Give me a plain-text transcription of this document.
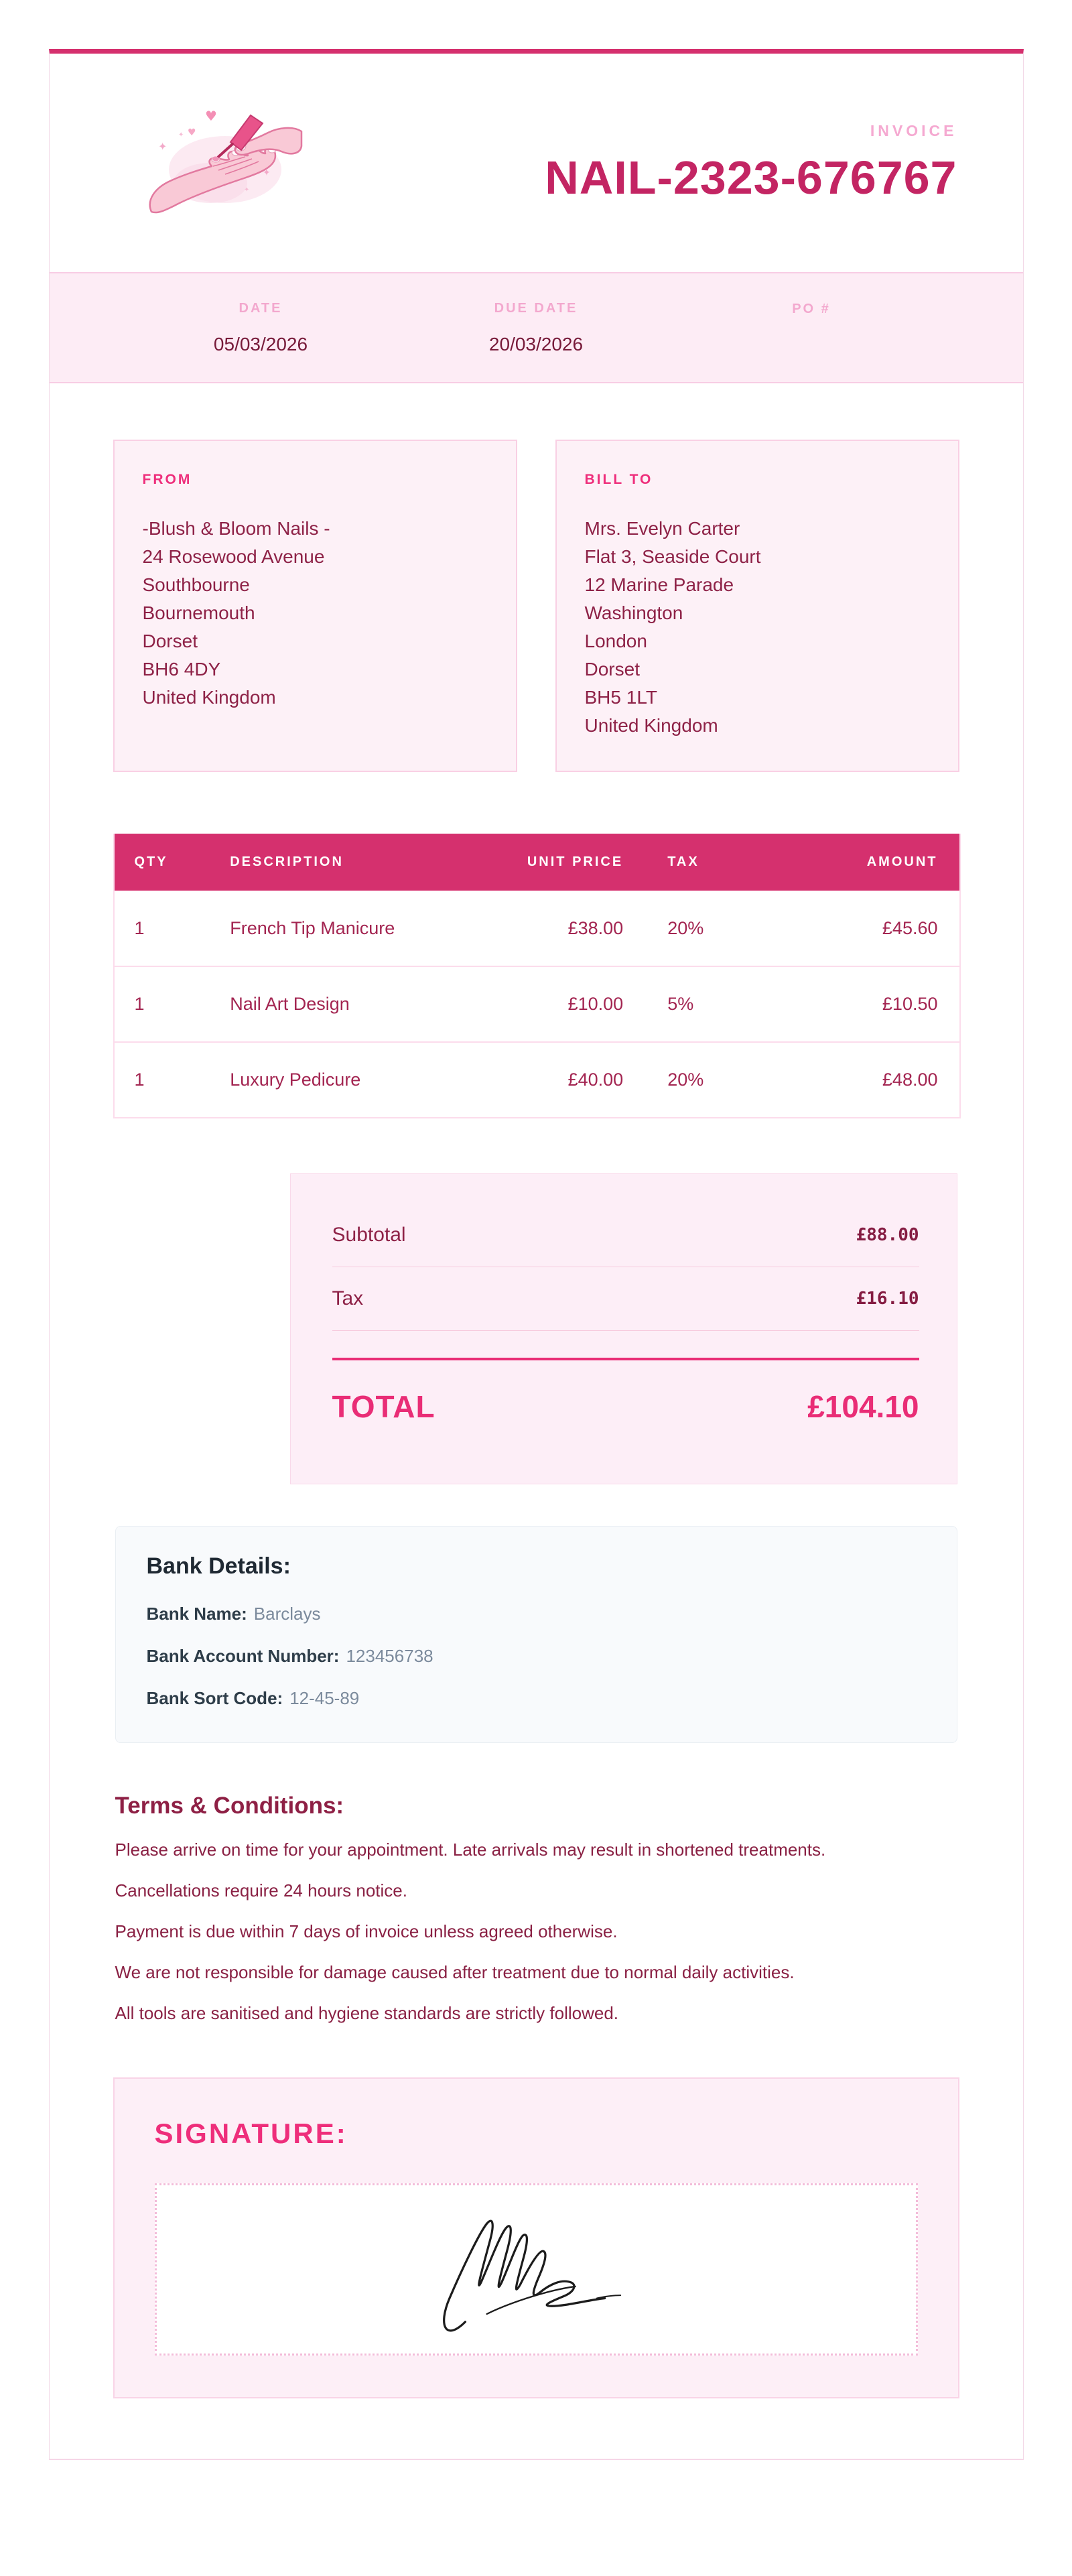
♥
♥
✦
✦
✦
✦
INVOICE
NAIL-2323-676767
DATE
05/03/2026
DUE DATE
20/03/2026
PO #
FROM
-Blush & Bloom Nails -
24 Rosewood Avenue
Southbourne
Bournemouth
Dorset
BH6 4DY
United Kingdom
BILL TO
Mrs. Evelyn Carter
Flat 3, Seaside Court
12 Marine Parade
Washington
London
Dorset
BH5 1LT
United Kingdom
QTY	DESCRIPTION	UNIT PRICE	TAX	AMOUNT
1	French Tip Manicure	£38.00	20%	£45.60
1	Nail Art Design	£10.00	5%	£10.50
1	Luxury Pedicure	£40.00	20%	£48.00
Subtotal	£88.00
Tax	£16.10
TOTAL	£104.10
Bank Details:
Bank Name: Barclays
Bank Account Number: 123456738
Bank Sort Code: 12-45-89
Terms & Conditions:
Please arrive on time for your appointment. Late arrivals may result in shortened treatments.
Cancellations require 24 hours notice.
Payment is due within 7 days of invoice unless agreed otherwise.
We are not responsible for damage caused after treatment due to normal daily activities.
All tools are sanitised and hygiene standards are strictly followed.
SIGNATURE:
